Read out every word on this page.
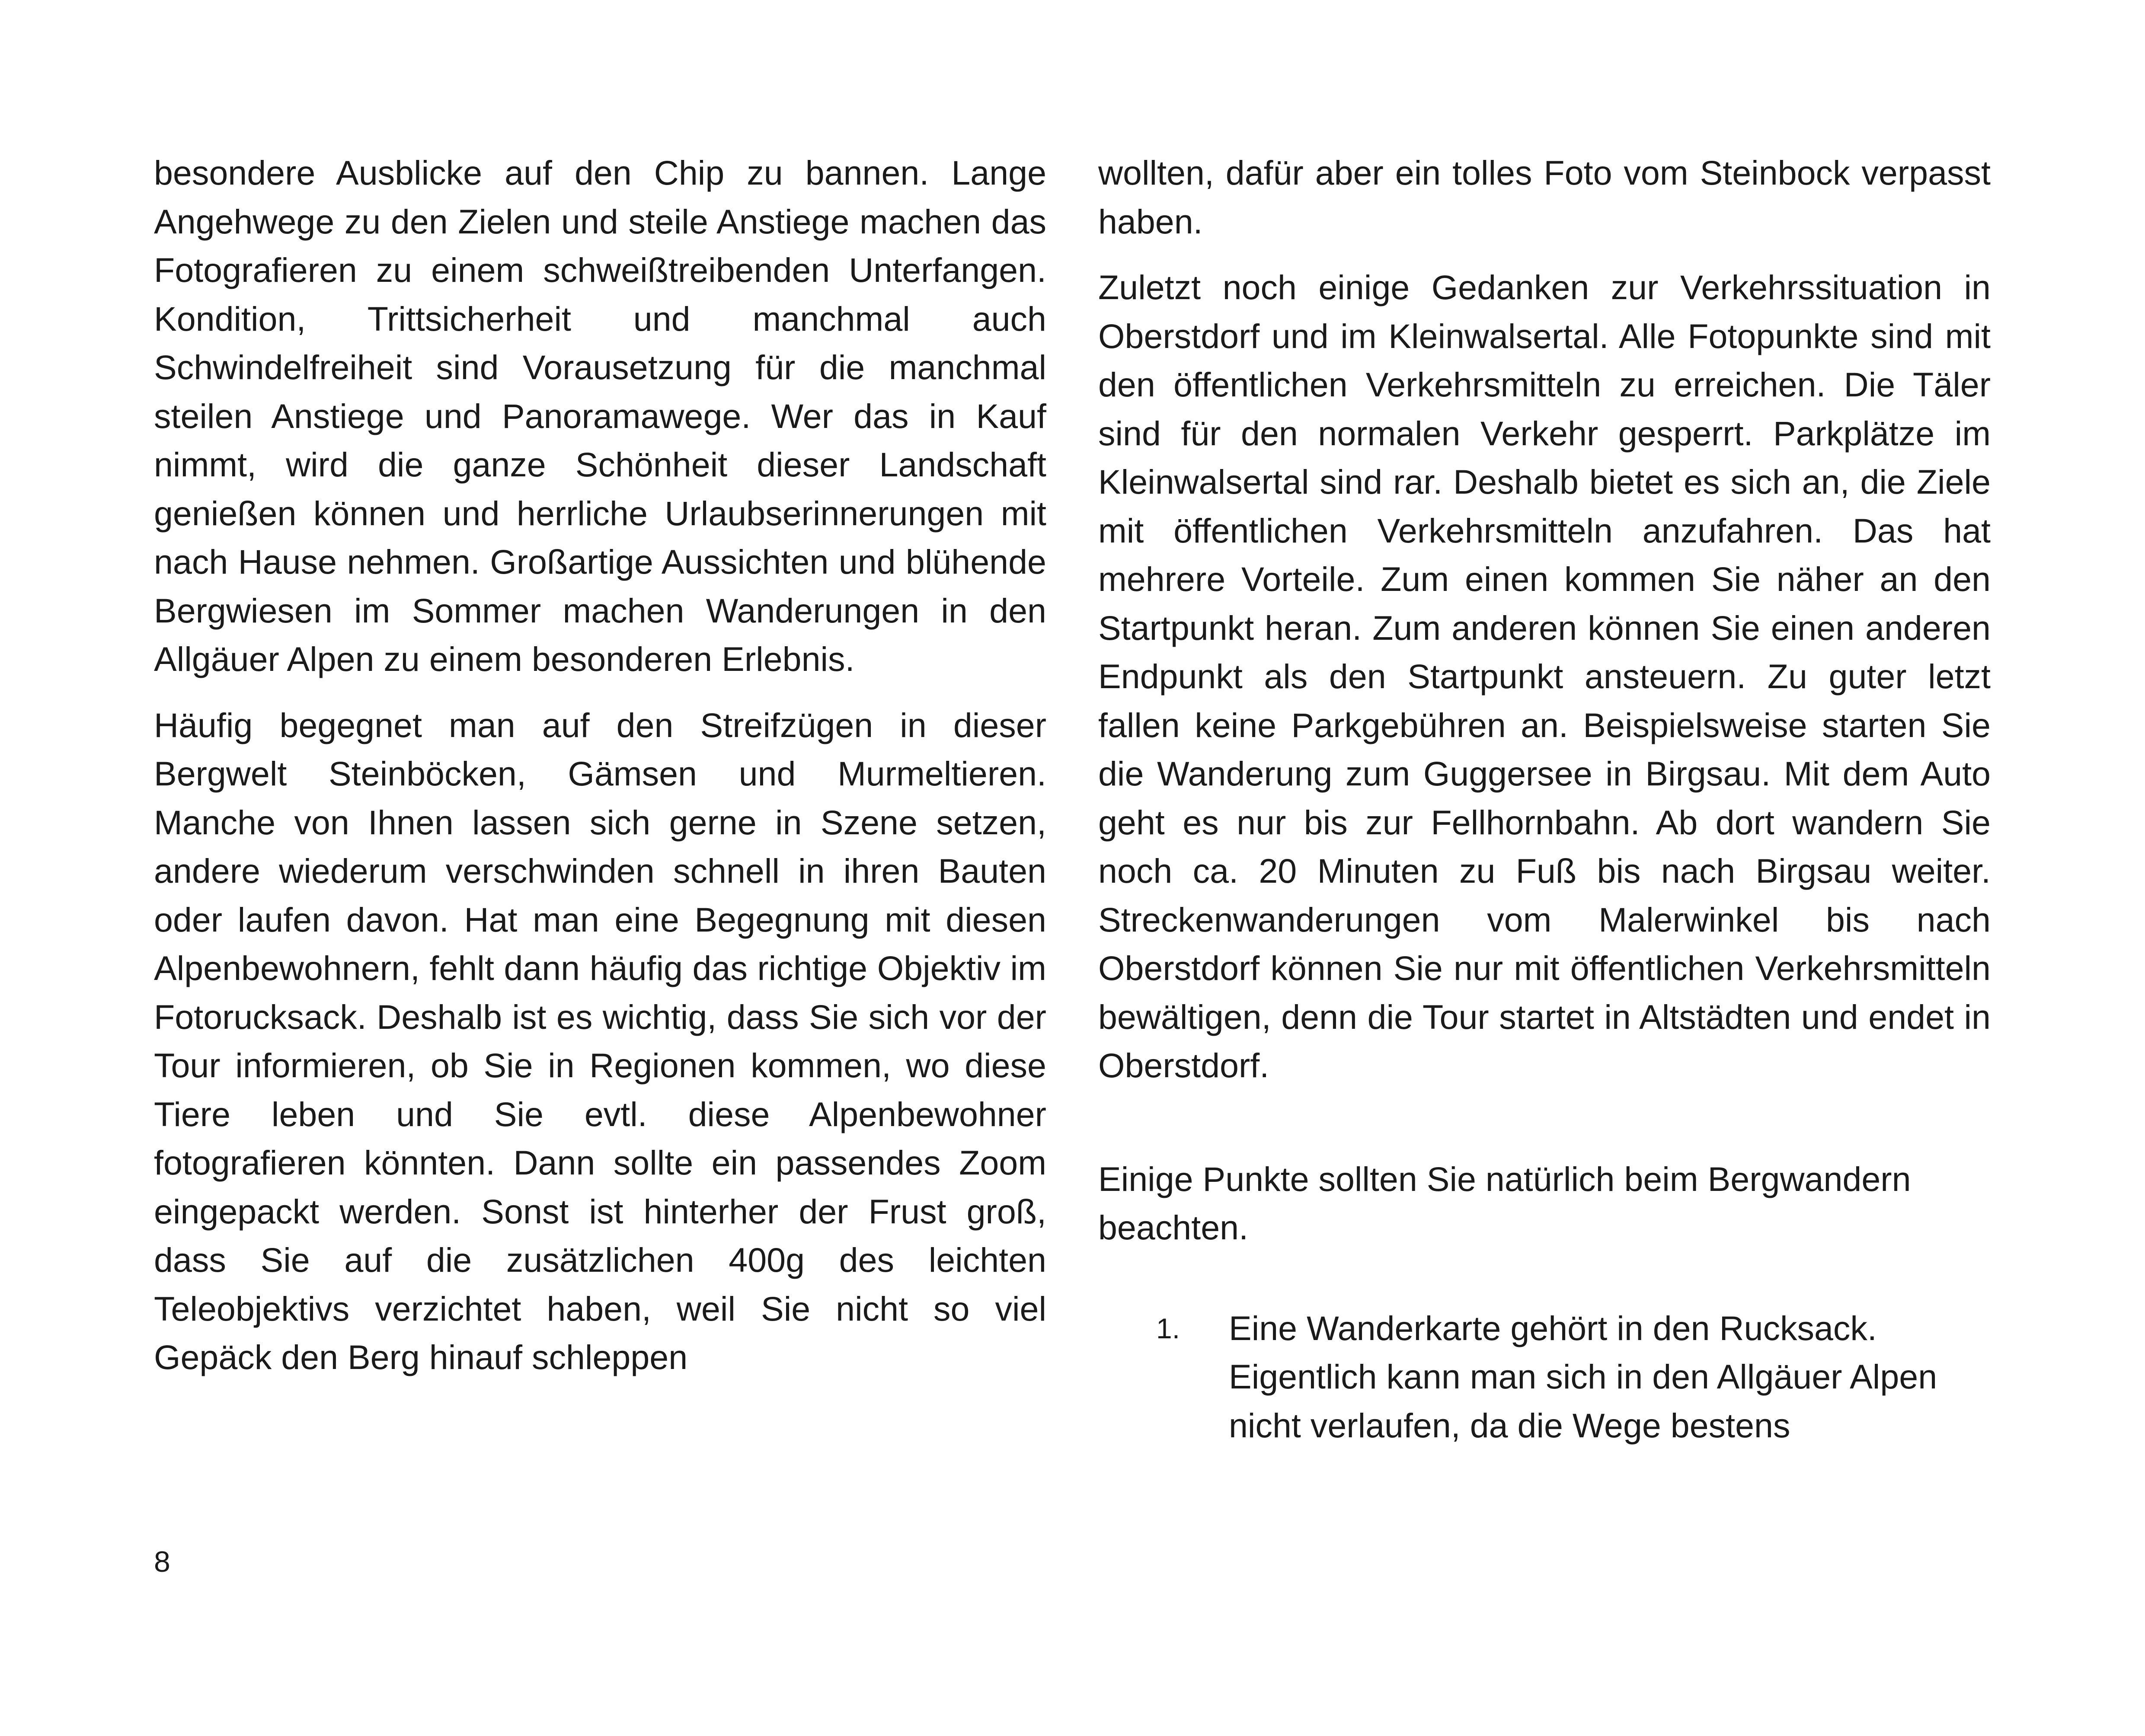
besondere Ausblicke auf den Chip zu bannen. Lange Angehwege zu den Zielen und steile Anstiege machen das Fotografieren zu einem schweißtreibenden Unterfangen. Kondition, Trittsicherheit und manchmal auch Schwindelfreiheit sind Vorausetzung für die manchmal steilen Anstiege und Panoramawege. Wer das in Kauf nimmt, wird die ganze Schönheit dieser Landschaft genießen können und herrliche Urlaubserinnerungen mit nach Hause nehmen. Großartige Aussichten und blühende Bergwiesen im Sommer machen Wanderungen in den Allgäuer Alpen zu einem besonderen Erlebnis.

Häufig begegnet man auf den Streifzügen in dieser Bergwelt Steinböcken, Gämsen und Murmeltieren. Manche von Ihnen lassen sich gerne in Szene setzen, andere wiederum verschwinden schnell in ihren Bauten oder laufen davon. Hat man eine Begegnung mit diesen Alpenbewohnern, fehlt dann häufig das richtige Objektiv im Fotorucksack. Deshalb ist es wichtig, dass Sie sich vor der Tour informieren, ob Sie in Regionen kommen, wo diese Tiere leben und Sie evtl. diese Alpenbewohner fotografieren könnten. Dann sollte ein passendes Zoom eingepackt werden. Sonst ist hinterher der Frust groß, dass Sie auf die zusätzlichen 400g des leichten Teleobjektivs verzichtet haben, weil Sie nicht so viel Gepäck den Berg hinauf schleppen

wollten, dafür aber ein tolles Foto vom Steinbock verpasst haben.

Zuletzt noch einige Gedanken zur Verkehrssituation in Oberstdorf und im Kleinwalsertal. Alle Fotopunkte sind mit den öffentlichen Verkehrsmitteln zu erreichen. Die Täler sind für den normalen Verkehr gesperrt. Parkplätze im Kleinwalsertal sind rar. Deshalb bietet es sich an, die Ziele mit öffentlichen Verkehrsmitteln anzufahren. Das hat mehrere Vorteile. Zum einen kommen Sie näher an den Startpunkt heran. Zum anderen können Sie einen anderen Endpunkt als den Startpunkt ansteuern. Zu guter letzt fallen keine Parkgebühren an. Beispielsweise starten Sie die Wanderung zum Guggersee in Birgsau. Mit dem Auto geht es nur bis zur Fellhornbahn. Ab dort wandern Sie noch ca. 20 Minuten zu Fuß bis nach Birgsau weiter. Streckenwanderungen vom Malerwinkel bis nach Oberstdorf können Sie nur mit öffentlichen Verkehrsmitteln bewältigen, denn die Tour startet in Altstädten und endet in Oberstdorf.

Einige Punkte sollten Sie natürlich beim Bergwandern beachten.

1.	Eine Wanderkarte gehört in den Rucksack. Eigentlich kann man sich in den Allgäuer Alpen nicht verlaufen, da die Wege bestens
8
